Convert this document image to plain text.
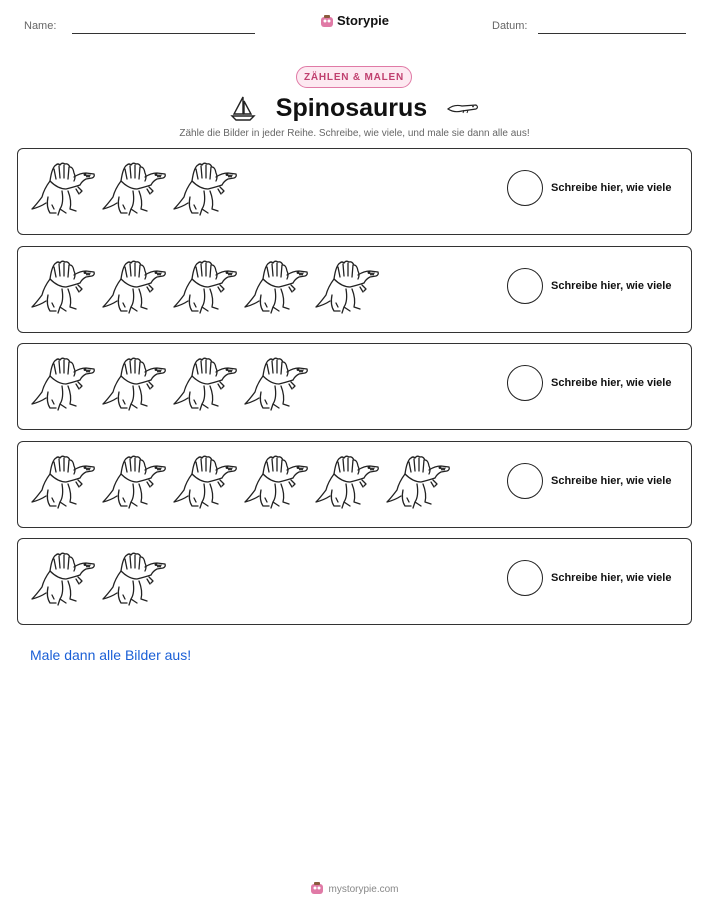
Name:	Storypie	Datum:
ZÄHLEN & MALEN
Spinosaurus
Zähle die Bilder in jeder Reihe. Schreibe, wie viele, und male sie dann alle aus!
Schreibe hier, wie viele
Schreibe hier, wie viele
Schreibe hier, wie viele
Schreibe hier, wie viele
Schreibe hier, wie viele
Male dann alle Bilder aus!
mystorypie.com
